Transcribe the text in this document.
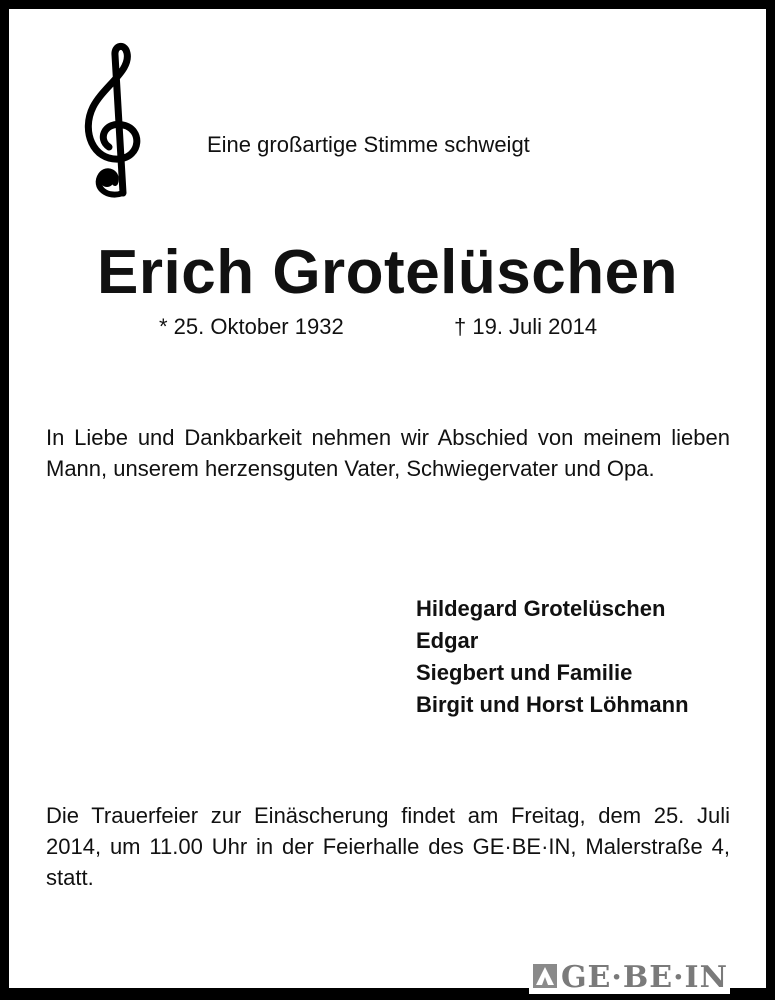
Eine großartige Stimme schweigt
Erich Grotelüschen
* 25. Oktober 1932	† 19. Juli 2014
In Liebe und Dankbarkeit nehmen wir Abschied von meinem lieben Mann, unserem herzensguten Vater, Schwiegervater und Opa.
Hildegard Grotelüschen
Edgar
Siegbert und Familie
Birgit und Horst Löhmann
Die Trauerfeier zur Einäscherung findet am Freitag, dem 25. Juli 2014, um 11.00 Uhr in der Feierhalle des GE·BE·IN, Malerstraße 4, statt.
GE·BE·IN
